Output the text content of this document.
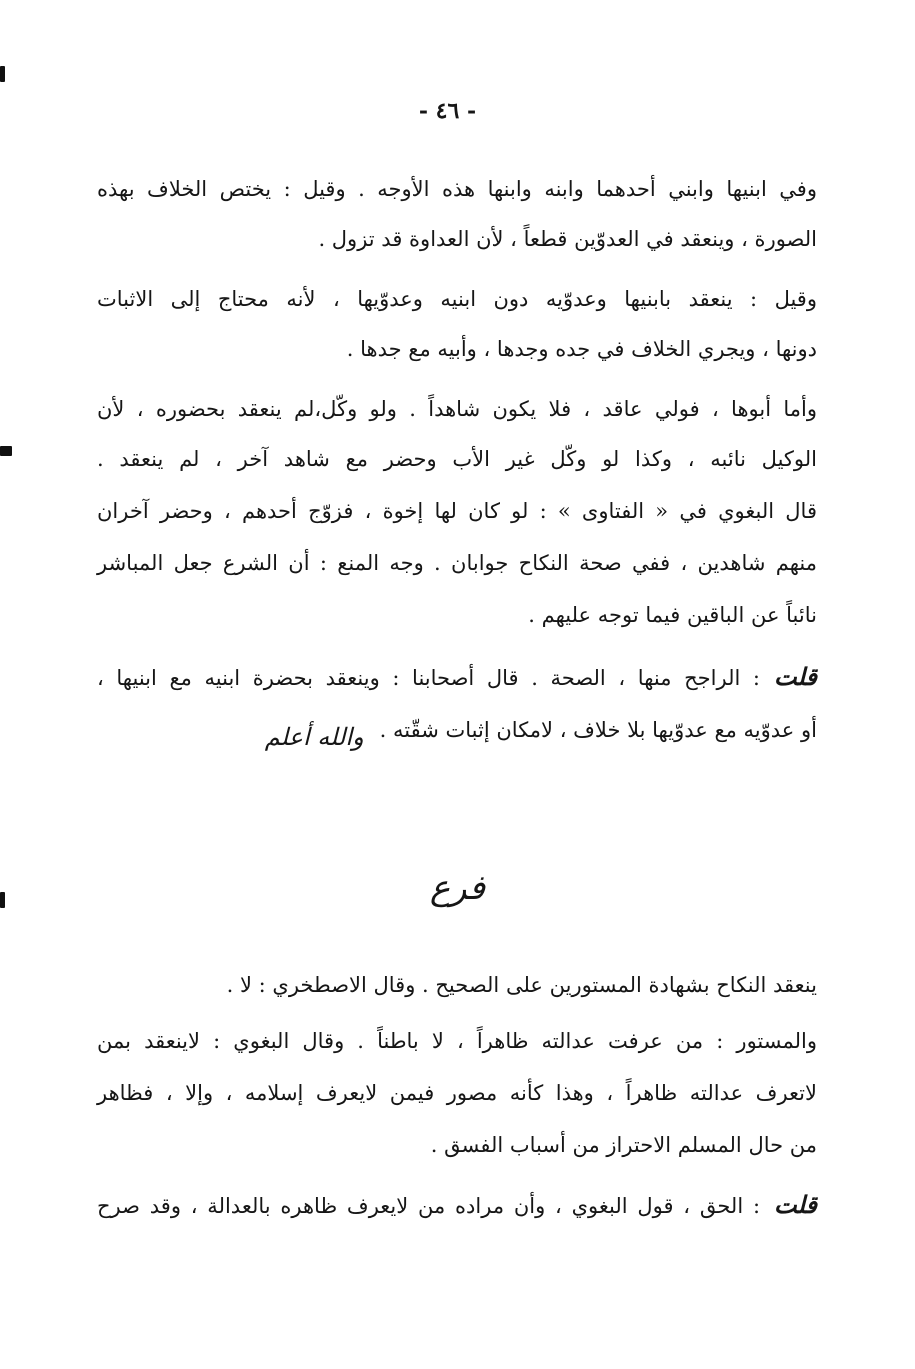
- ٤٦ -
وفي ابنيها وابني أحدهما وابنه وابنها هذه الأوجه . وقيل : يختص الخلاف بهذه
الصورة ، وينعقد في العدوّين قطعاً ، لأن العداوة قد تزول .
وقيل : ينعقد بابنيها وعدوّيه دون ابنيه وعدوّيها ، لأنه محتاج إلى الاثبات
دونها ، ويجري الخلاف في جده وجدها ، وأبيه مع جدها .
وأما أبوها ، فولي عاقد ، فلا يكون شاهداً . ولو وكّل،لم ينعقد بحضوره ، لأن
الوكيل نائبه ، وكذا لو وكّل غير الأب وحضر مع شاهد آخر ، لم ينعقد .
قال البغوي في « الفتاوى » : لو كان لها إخوة ، فزوّج أحدهم ، وحضر آخران
منهم شاهدين ، ففي صحة النكاح جوابان . وجه المنع : أن الشرع جعل المباشر
نائباً عن الباقين فيما توجه عليهم .
قلت: الراجح منها ، الصحة . قال أصحابنا : وينعقد بحضرة ابنيه مع ابنيها ،
أو عدوّيه مع عدوّيها بلا خلاف ، لامكان إثبات شقّته .والله أعلم
فرع
ينعقد النكاح بشهادة المستورين على الصحيح . وقال الاصطخري : لا .
والمستور : من عرفت عدالته ظاهراً ، لا باطناً . وقال البغوي : لاينعقد بمن
لاتعرف عدالته ظاهراً ، وهذا كأنه مصور فيمن لايعرف إسلامه ، وإلا ، فظاهر
من حال المسلم الاحتراز من أسباب الفسق .
قلت: الحق ، قول البغوي ، وأن مراده من لايعرف ظاهره بالعدالة ، وقد صرح
